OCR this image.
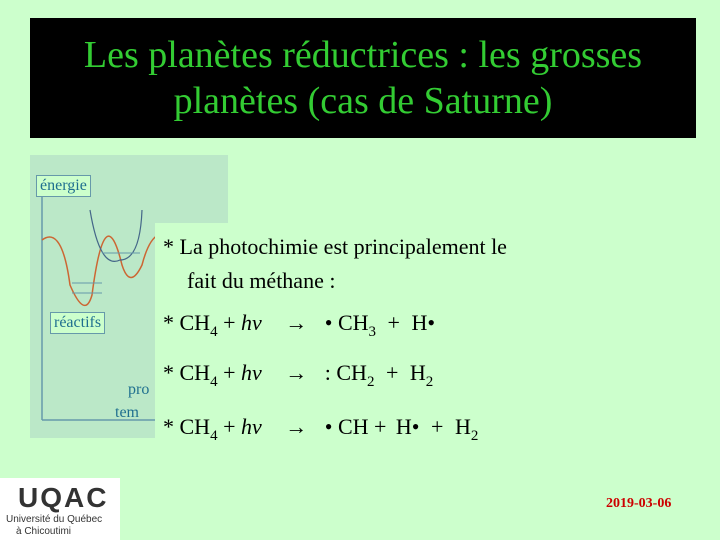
Les planètes réductrices : les grosses
planètes (cas de Saturne)
énergie
réactifs
pro
tem
* La photochimie est principalement le
fait du méthane :
* $CH_4 + h\nu$ → • $CH_3$ + H•
* $CH_4 + h\nu$ → : $CH_2 + H_2$
* $CH_4 + h\nu$ → • CH + H• + $H_2$
UQAC
Université du Québec
à Chicoutimi
2019-03-06
